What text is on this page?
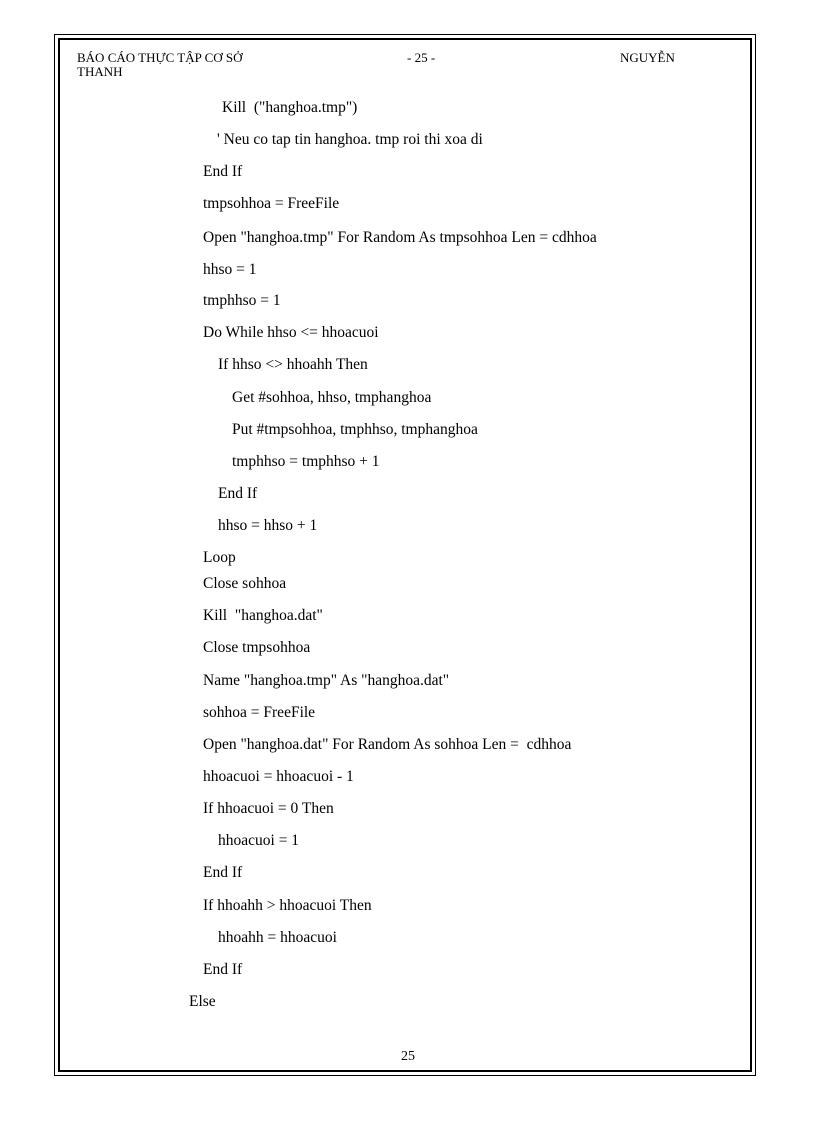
BÁO CÁO THỰC TẬP CƠ SỞ	- 25 -	NGUYỄN
THANH
Kill  ("hanghoa.tmp")
' Neu co tap tin hanghoa. tmp roi thi xoa di
End If
tmpsohhoa = FreeFile
Open "hanghoa.tmp" For Random As tmpsohhoa Len = cdhhoa
hhso = 1
tmphhso = 1
Do While hhso <= hhoacuoi
If hhso <> hhoahh Then
Get #sohhoa, hhso, tmphanghoa
Put #tmpsohhoa, tmphhso, tmphanghoa
tmphhso = tmphhso + 1
End If
hhso = hhso + 1
Loop
Close sohhoa
Kill  "hanghoa.dat"
Close tmpsohhoa
Name "hanghoa.tmp" As "hanghoa.dat"
sohhoa = FreeFile
Open "hanghoa.dat" For Random As sohhoa Len =  cdhhoa
hhoacuoi = hhoacuoi - 1
If hhoacuoi = 0 Then
hhoacuoi = 1
End If
If hhoahh > hhoacuoi Then
hhoahh = hhoacuoi
End If
Else
25
